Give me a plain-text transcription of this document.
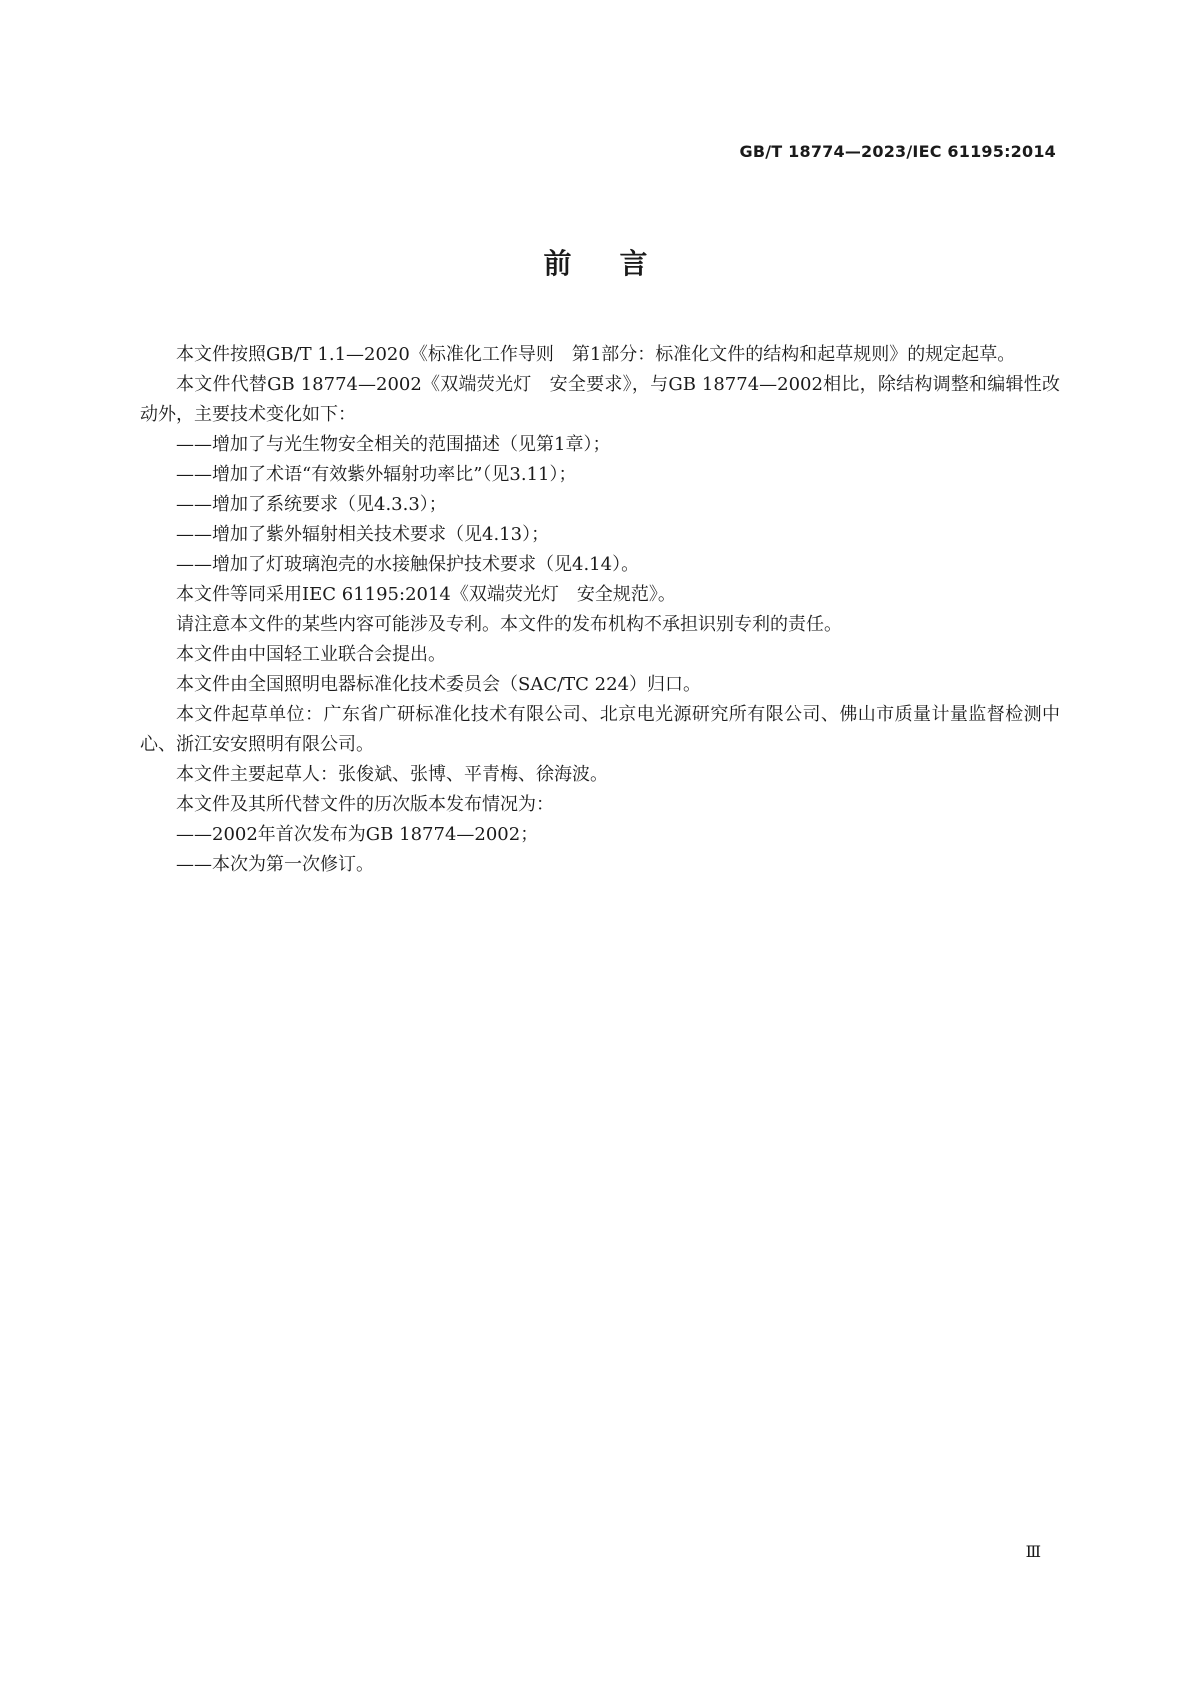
GB/T 18774—2023/IEC 61195:2014
前言

本文件按照GB/T 1.1—2020《标准化工作导则　第1部分：标准化文件的结构和起草规则》的规定起草。

本文件代替GB 18774—2002《双端荧光灯　安全要求》，与GB 18774—2002相比，除结构调整和编辑性改动外，主要技术变化如下：

——增加了与光生物安全相关的范围描述（见第1章）；

——增加了术语“有效紫外辐射功率比”（见3.11）；

——增加了系统要求（见4.3.3）；

——增加了紫外辐射相关技术要求（见4.13）；

——增加了灯玻璃泡壳的水接触保护技术要求（见4.14）。

本文件等同采用IEC 61195:2014《双端荧光灯　安全规范》。

请注意本文件的某些内容可能涉及专利。本文件的发布机构不承担识别专利的责任。

本文件由中国轻工业联合会提出。

本文件由全国照明电器标准化技术委员会（SAC/TC 224）归口。

本文件起草单位：广东省广研标准化技术有限公司、北京电光源研究所有限公司、佛山市质量计量监督检测中心、浙江安安照明有限公司。

本文件主要起草人：张俊斌、张博、平青梅、徐海波。

本文件及其所代替文件的历次版本发布情况为：

——2002年首次发布为GB 18774—2002；

——本次为第一次修订。

Ⅲ
